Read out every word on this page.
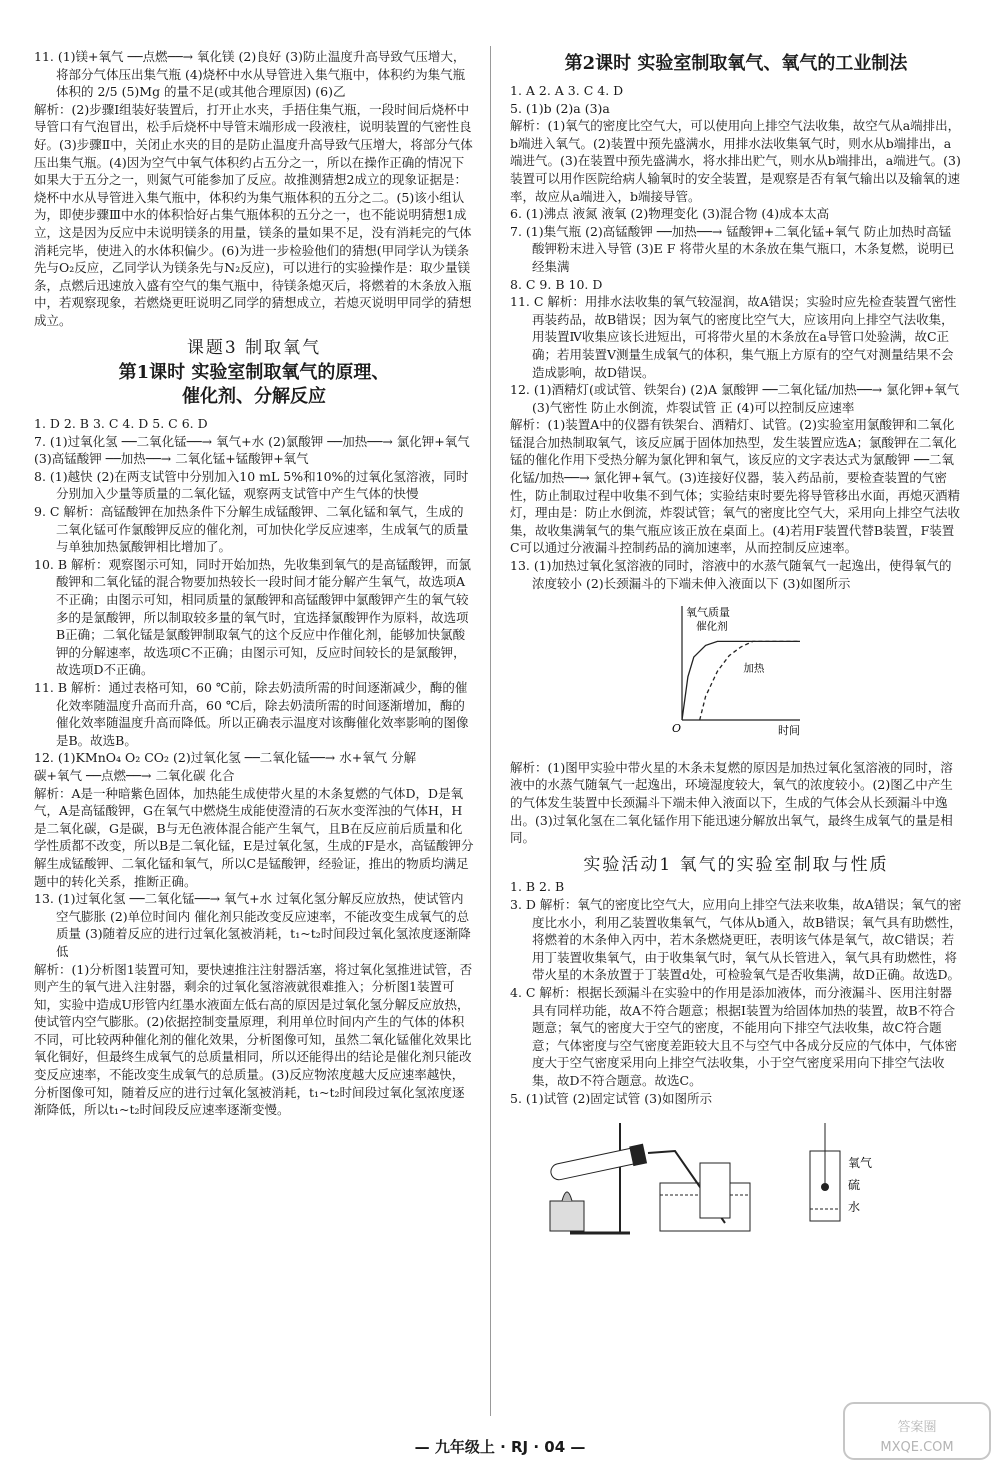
11. (1)镁+氧气 ──点燃──→ 氧化镁 (2)良好 (3)防止温度升高导致气压增大，将部分气体压出集气瓶 (4)烧杯中水从导管进入集气瓶中，体积约为集气瓶体积的 2/5 (5)Mg 的量不足(或其他合理原因) (6)乙

解析：(2)步骤Ⅰ组装好装置后，打开止水夹，手捂住集气瓶，一段时间后烧杯中导管口有气泡冒出，松手后烧杯中导管末端形成一段液柱，说明装置的气密性良好。(3)步骤Ⅱ中，关闭止水夹的目的是防止温度升高导致气压增大，将部分气体压出集气瓶。(4)因为空气中氧气体积约占五分之一，所以在操作正确的情况下如果大于五分之一，则氮气可能参加了反应。故推测猜想2成立的现象证据是：烧杯中水从导管进入集气瓶中，体积约为集气瓶体积的五分之二。(5)该小组认为，即使步骤Ⅲ中水的体积恰好占集气瓶体积的五分之一，也不能说明猜想1成立，这是因为反应中未说明镁条的用量，镁条的量如果不足，没有消耗完的气体消耗完毕，使进入的水体积偏少。(6)为进一步检验他们的猜想(甲同学认为镁条先与O₂反应，乙同学认为镁条先与N₂反应)，可以进行的实验操作是：取少量镁条，点燃后迅速放入盛有空气的集气瓶中，待镁条熄灭后，将燃着的木条放入瓶中，若观察现象，若燃烧更旺说明乙同学的猜想成立，若熄灭说明甲同学的猜想成立。

课题3 制取氧气
第1课时 实验室制取氧气的原理、
催化剂、分解反应

1. D 2. B 3. C 4. D 5. C 6. D

7. (1)过氧化氢 ──二氧化锰──→ 氧气+水 (2)氯酸钾 ──加热──→ 氯化钾+氧气

(3)高锰酸钾 ──加热──→ 二氧化锰+锰酸钾+氧气

8. (1)越快 (2)在两支试管中分别加入10 mL 5%和10%的过氧化氢溶液，同时分别加入少量等质量的二氧化锰，观察两支试管中产生气体的快慢

9. C 解析：高锰酸钾在加热条件下分解生成锰酸钾、二氧化锰和氧气，生成的二氧化锰可作氯酸钾反应的催化剂，可加快化学反应速率，生成氧气的质量与单独加热氯酸钾相比增加了。

10. B 解析：观察图示可知，同时开始加热，先收集到氧气的是高锰酸钾，而氯酸钾和二氧化锰的混合物要加热较长一段时间才能分解产生氧气，故选项A不正确；由图示可知，相同质量的氯酸钾和高锰酸钾中氯酸钾产生的氧气较多的是氯酸钾，所以制取较多量的氧气时，宜选择氯酸钾作为原料，故选项B正确；二氧化锰是氯酸钾制取氧气的这个反应中作催化剂，能够加快氯酸钾的分解速率，故选项C不正确；由图示可知，反应时间较长的是氯酸钾，故选项D不正确。

11. B 解析：通过表格可知，60 ℃前，除去奶渍所需的时间逐渐减少，酶的催化效率随温度升高而升高，60 ℃后，除去奶渍所需的时间逐渐增加，酶的催化效率随温度升高而降低。所以正确表示温度对该酶催化效率影响的图像是B。故选B。

12. (1)KMnO₄ O₂ CO₂ (2)过氧化氢 ──二氧化锰──→ 水+氧气 分解

碳+氧气 ──点燃──→ 二氧化碳 化合

解析：A是一种暗紫色固体，加热能生成使带火星的木条复燃的气体D，D是氧气，A是高锰酸钾，G在氧气中燃烧生成能使澄清的石灰水变浑浊的气体H，H是二氧化碳，G是碳，B与无色液体混合能产生氧气，且B在反应前后质量和化学性质都不改变，所以B是二氧化锰，E是过氧化氢，生成的F是水，高锰酸钾分解生成锰酸钾、二氧化锰和氧气，所以C是锰酸钾，经验证，推出的物质均满足题中的转化关系，推断正确。

13. (1)过氧化氢 ──二氧化锰──→ 氧气+水 过氧化氢分解反应放热，使试管内空气膨胀 (2)单位时间内 催化剂只能改变反应速率，不能改变生成氧气的总质量 (3)随着反应的进行过氧化氢被消耗，t₁~t₂时间段过氧化氢浓度逐渐降低

解析：(1)分析图1装置可知，要快速推注注射器活塞，将过氧化氢推进试管，否则产生的氧气进入注射器，剩余的过氧化氢溶液就很难推入；分析图1装置可知，实验中造成U形管内红墨水液面左低右高的原因是过氧化氢分解反应放热，使试管内空气膨胀。(2)依据控制变量原理，利用单位时间内产生的气体的体积不同，可比较两种催化剂的催化效果，分析图像可知，虽然二氧化锰催化效果比氧化铜好，但最终生成氧气的总质量相同，所以还能得出的结论是催化剂只能改变反应速率，不能改变生成氧气的总质量。(3)反应物浓度越大反应速率越快，分析图像可知，随着反应的进行过氧化氢被消耗，t₁~t₂时间段过氧化氢浓度逐渐降低，所以t₁~t₂时间段反应速率逐渐变慢。

第2课时 实验室制取氧气、氧气的工业制法

1. A 2. A 3. C 4. D

5. (1)b (2)a (3)a

解析：(1)氧气的密度比空气大，可以使用向上排空气法收集，故空气从a端排出，b端进入氧气。(2)装置中预先盛满水，用排水法收集氧气时，则水从b端排出，a端进气。(3)在装置中预先盛满水，将水排出贮气，则水从b端排出，a端进气。(3)装置可以用作医院给病人输氧时的安全装置，是观察是否有氧气输出以及输氧的速率，故应从a端进入，b端接导管。

6. (1)沸点 液氮 液氧 (2)物理变化 (3)混合物 (4)成本太高

7. (1)集气瓶 (2)高锰酸钾 ──加热──→ 锰酸钾+二氧化锰+氧气 防止加热时高锰酸钾粉末进入导管 (3)E F 将带火星的木条放在集气瓶口，木条复燃，说明已经集满

8. C 9. B 10. D

11. C 解析：用排水法收集的氧气较湿润，故A错误；实验时应先检查装置气密性再装药品，故B错误；因为氧气的密度比空气大，应该用向上排空气法收集，用装置Ⅳ收集应该长进短出，可将带火星的木条放在a导管口处验满，故C正确；若用装置Ⅴ测量生成氧气的体积，集气瓶上方原有的空气对测量结果不会造成影响，故D错误。

12. (1)酒精灯(或试管、铁架台) (2)A 氯酸钾 ──二氧化锰/加热──→ 氯化钾+氧气 (3)气密性 防止水倒流，炸裂试管 正 (4)可以控制反应速率

解析：(1)装置A中的仪器有铁架台、酒精灯、试管。(2)实验室用氯酸钾和二氧化锰混合加热制取氧气，该反应属于固体加热型，发生装置应选A；氯酸钾在二氧化锰的催化作用下受热分解为氯化钾和氧气，该反应的文字表达式为氯酸钾 ──二氧化锰/加热──→ 氯化钾+氧气。(3)连接好仪器，装入药品前，要检查装置的气密性，防止制取过程中收集不到气体；实验结束时要先将导管移出水面，再熄灭酒精灯，理由是：防止水倒流，炸裂试管；氧气的密度比空气大，采用向上排空气法收集，故收集满氧气的集气瓶应该正放在桌面上。(4)若用F装置代替B装置，F装置C可以通过分液漏斗控制药品的滴加速率，从而控制反应速率。

13. (1)加热过氧化氢溶液的同时，溶液中的水蒸气随氧气一起逸出，使得氧气的浓度较小 (2)长颈漏斗的下端未伸入液面以下 (3)如图所示

氧气质量
时间
O
催化剂
加热

解析：(1)图甲实验中带火星的木条未复燃的原因是加热过氧化氢溶液的同时，溶液中的水蒸气随氧气一起逸出，环境湿度较大，氧气的浓度较小。(2)图乙中产生的气体发生装置中长颈漏斗下端未伸入液面以下，生成的气体会从长颈漏斗中逸出。(3)过氧化氢在二氧化锰作用下能迅速分解放出氧气，最终生成氧气的量是相同。

实验活动1 氧气的实验室制取与性质

1. B 2. B

3. D 解析：氧气的密度比空气大，应用向上排空气法来收集，故A错误；氧气的密度比水小，利用乙装置收集氧气，气体从b通入，故B错误；氧气具有助燃性，将燃着的木条伸入丙中，若木条燃烧更旺，表明该气体是氧气，故C错误；若用丁装置收集氧气，由于收集氧气时，氧气从长管进入，氧气具有助燃性，将带火星的木条放置于丁装置d处，可检验氧气是否收集满，故D正确。故选D。

4. C 解析：根据长颈漏斗在实验中的作用是添加液体，而分液漏斗、医用注射器具有同样功能，故A不符合题意；根据Ⅰ装置为给固体加热的装置，故B不符合题意；氧气的密度大于空气的密度，不能用向下排空气法收集，故C符合题意；气体密度与空气密度差距较大且不与空气中各成分反应的气体中，气体密度大于空气密度采用向上排空气法收集，小于空气密度采用向下排空气法收集，故D不符合题意。故选C。

5. (1)试管 (2)固定试管 (3)如图所示

氧气
硫
水
— 九年级上 · RJ · 04 —
答案圈
MXQE.COM
